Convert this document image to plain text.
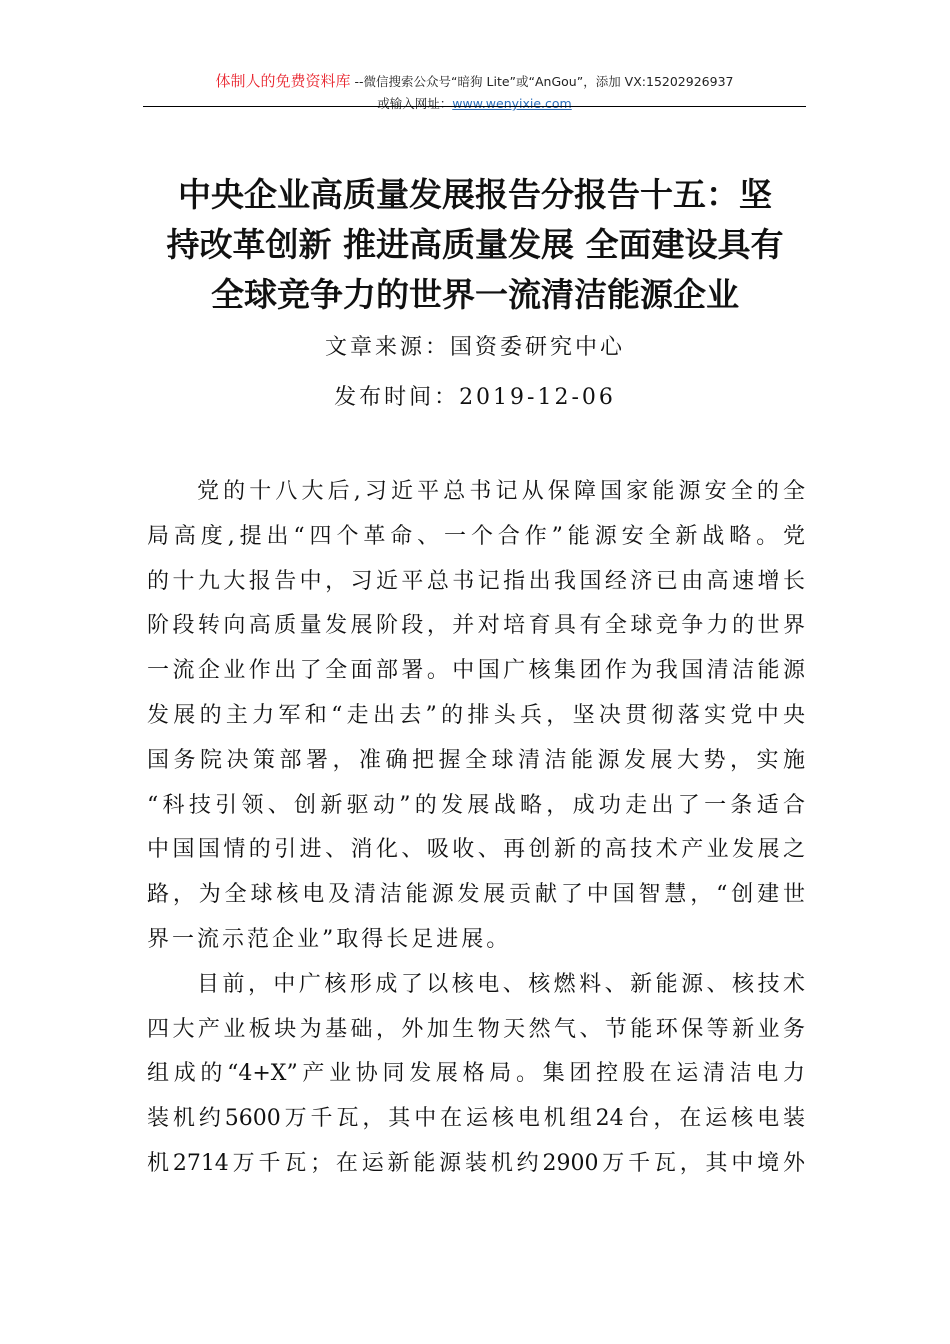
体制人的免费资料库 --微信搜索公众号“暗狗 Lite”或“AnGou”，添加 VX:15202926937
或输入网址：www.wenyixie.com
中央企业高质量发展报告分报告十五：坚
持改革创新 推进高质量发展 全面建设具有
全球竞争力的世界一流清洁能源企业
文章来源：国资委研究中心
发布时间：2019-12-06
党的十八大后,习近平总书记从保障国家能源安全的全
局高度,提出“四个革命、一个合作”能源安全新战略。党
的十九大报告中，习近平总书记指出我国经济已由高速增长
阶段转向高质量发展阶段，并对培育具有全球竞争力的世界
一流企业作出了全面部署。中国广核集团作为我国清洁能源
发展的主力军和“走出去”的排头兵，坚决贯彻落实党中央
国务院决策部署，准确把握全球清洁能源发展大势，实施
“科技引领、创新驱动”的发展战略，成功走出了一条适合
中国国情的引进、消化、吸收、再创新的高技术产业发展之
路，为全球核电及清洁能源发展贡献了中国智慧，“创建世
界一流示范企业”取得长足进展。
目前，中广核形成了以核电、核燃料、新能源、核技术
四大产业板块为基础，外加生物天然气、节能环保等新业务
组成的“4+X”产业协同发展格局。集团控股在运清洁电力
装机约5600万千瓦，其中在运核电机组24台，在运核电装
机2714万千瓦；在运新能源装机约2900万千瓦，其中境外
